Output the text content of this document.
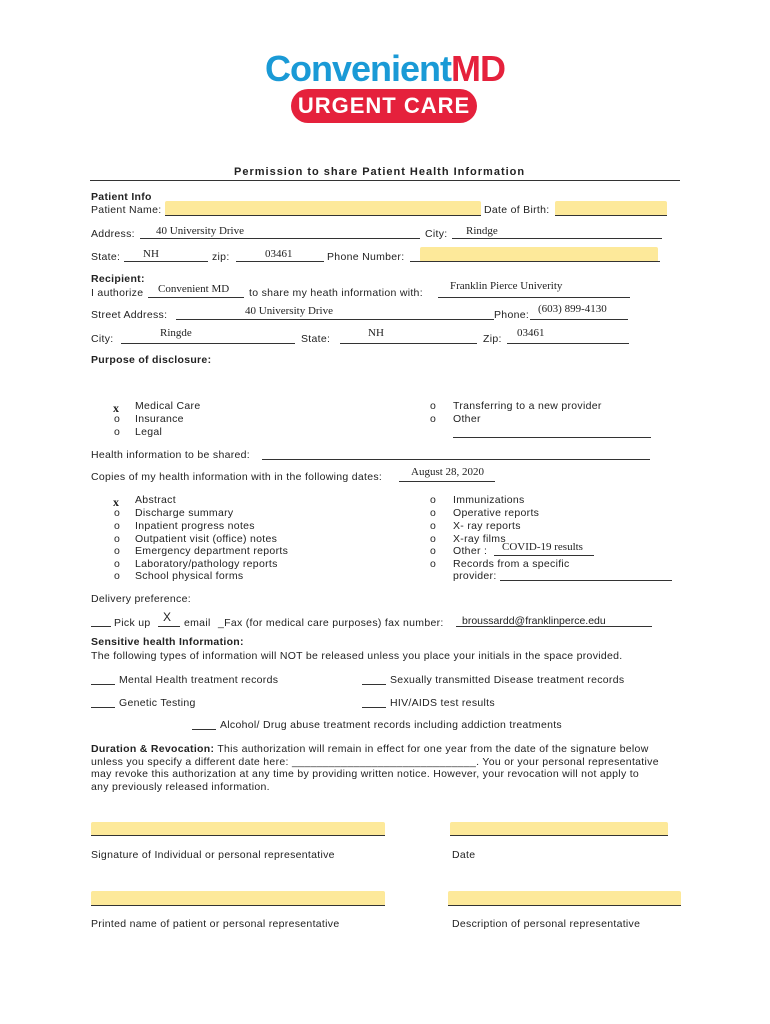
ConvenientMD
URGENT CARE
Permission to share Patient Health Information
Patient Info
Patient Name:	Date of Birth:
Address: 40 University Drive	City: Rindge
State: NH	zip:	03461	Phone Number:
Recipient:
I authorize Convenient MD to share my heath information with:
Franklin Pierce Univerity
Street Address:	40 University Drive	Phone: (603) 899-4130
City:	Ringde	State:	NH	Zip: 03461
Purpose of disclosure:
x Medical Care
o Insurance
o Legal
o Transferring to a new provider
o Other
Health information to be shared:
Copies of my health information with in the following dates:	August 28, 2020
x Abstract
o Discharge summary
o Inpatient progress notes
o Outpatient visit (office) notes
o Emergency department reports
o Laboratory/pathology reports
o School physical forms
o Immunizations
o Operative reports
o X- ray reports
o X-ray films
o Other : COVID-19 results
o Records from a specific
provider:
Delivery preference:
Pick up X email _Fax (for medical care purposes) fax number: broussardd@franklinperce.edu
Sensitive health Information:
The following types of information will NOT be released unless you place your initials in the space provided.
Mental Health treatment records	Sexually transmitted Disease treatment records
Genetic Testing	HIV/AIDS test results
Alcohol/ Drug abuse treatment records including addiction treatments
Duration & Revocation: This authorization will remain in effect for one year from the date of the signature below
unless you specify a different date here: ______________________________. You or your personal representative
may revoke this authorization at any time by providing written notice. However, your revocation will not apply to
any previously released information.
Signature of Individual or personal representative	Date
Printed name of patient or personal representative	Description of personal representative
